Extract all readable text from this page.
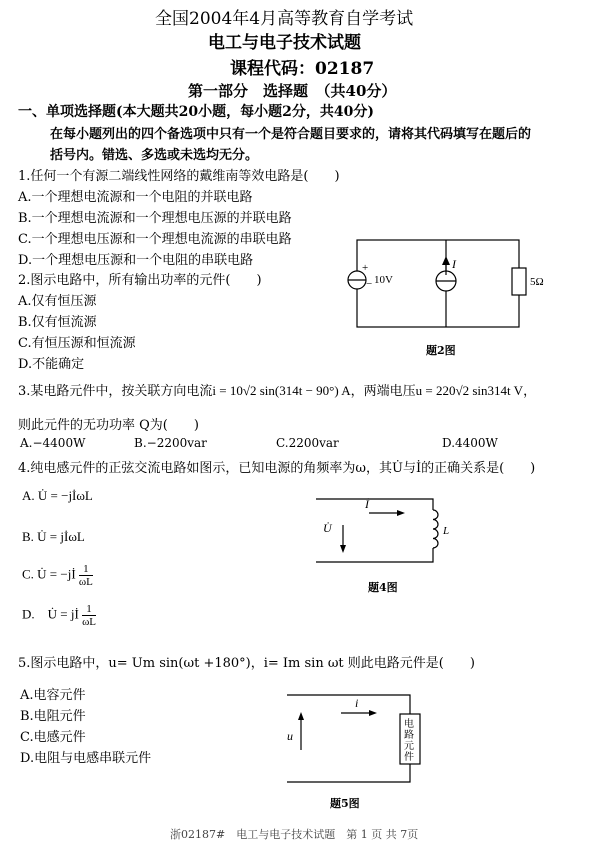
全国2004年4月高等教育自学考试
电工与电子技术试题
课程代码：02187
第一部分　选择题　（共40分）
一、单项选择题(本大题共20小题，每小题2分，共40分)
在每小题列出的四个备选项中只有一个是符合题目要求的，请将其代码填写在题后的
括号内。错选、多选或未选均无分。
1.任何一个有源二端线性网络的戴维南等效电路是(　　)
A.一个理想电流源和一个电阻的并联电路
B.一个理想电流源和一个理想电压源的并联电路
C.一个理想电压源和一个理想电流源的串联电路
D.一个理想电压源和一个电阻的串联电路
2.图示电路中，所有输出功率的元件(　　)
A.仅有恒压源
B.仅有恒流源
C.有恒压源和恒流源
D.不能确定
+
− 10V
I
5Ω
题2图
3.某电路元件中，按关联方向电流i = 10√2 sin(314t − 90°) A，两端电压u = 220√2 sin314t V，
则此元件的无功功率 Q为(　　)
A.−4400W	B.−2200var	C.2200var	D.4400W
4.纯电感元件的正弦交流电路如图示，已知电源的角频率为ω，其U̇与İ的正确关系是(　　)
A. U̇ = −jİωL
B. U̇ = jİωL
C. U̇ = −jİ $\frac{1}{\omega L}$
D.　U̇ = jİ $\frac{1}{\omega L}$
İ
U̇	L
题4图
5.图示电路中，u= Um sin(ωt +180°)，i= Im sin ωt 则此电路元件是(　　)
A.电容元件
B.电阻元件
C.电感元件
D.电阻与电感串联元件
i
u
电
路
元
件
题5图
浙02187#　电工与电子技术试题　第 1 页 共 7页
